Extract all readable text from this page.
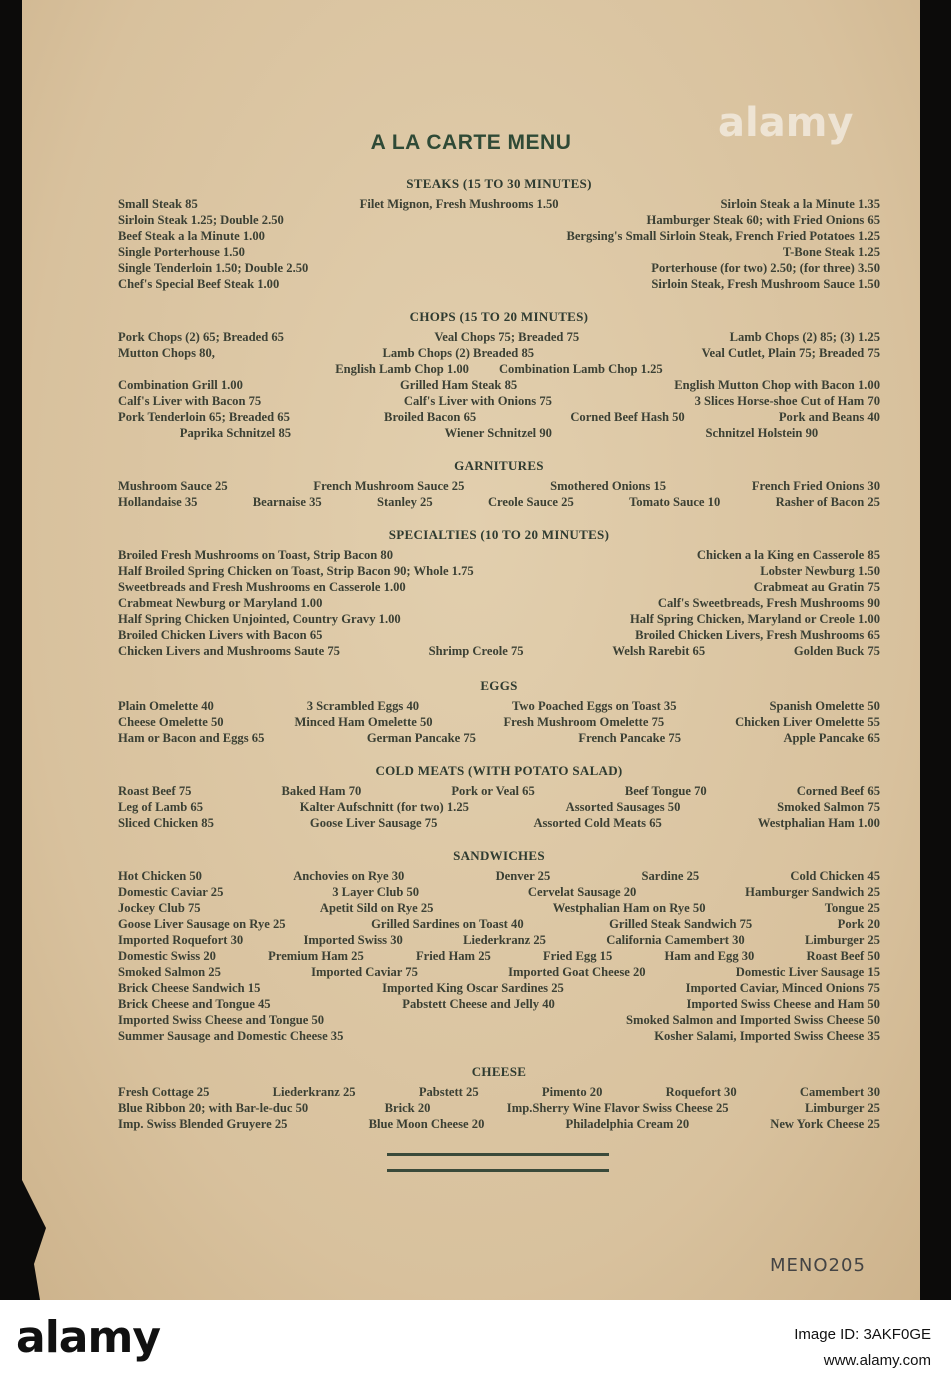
A LA CARTE MENU
STEAKS (15 TO 30 MINUTES)
Small Steak 85	Filet Mignon, Fresh Mushrooms 1.50	Sirloin Steak a la Minute 1.35
Sirloin Steak 1.25; Double 2.50	Hamburger Steak 60; with Fried Onions 65
Beef Steak a la Minute 1.00	Bergsing's Small Sirloin Steak, French Fried Potatoes 1.25
Single Porterhouse 1.50	T-Bone Steak 1.25
Single Tenderloin 1.50; Double 2.50	Porterhouse (for two) 2.50; (for three) 3.50
Chef's Special Beef Steak 1.00	Sirloin Steak, Fresh Mushroom Sauce 1.50
CHOPS (15 TO 20 MINUTES)
Pork Chops (2) 65; Breaded 65	Veal Chops 75; Breaded 75	Lamb Chops (2) 85; (3) 1.25
Mutton Chops 80,	Lamb Chops (2) Breaded 85	Veal Cutlet, Plain 75; Breaded 75
English Lamb Chop 1.00 Combination Lamb Chop 1.25
Combination Grill 1.00	Grilled Ham Steak 85	English Mutton Chop with Bacon 1.00
Calf's Liver with Bacon 75	Calf's Liver with Onions 75	3 Slices Horse-shoe Cut of Ham 70
Pork Tenderloin 65; Breaded 65	Broiled Bacon 65	Corned Beef Hash 50	Pork and Beans 40
Paprika Schnitzel 85	Wiener Schnitzel 90	Schnitzel Holstein 90
GARNITURES
Mushroom Sauce 25	French Mushroom Sauce 25	Smothered Onions 15	French Fried Onions 30
Hollandaise 35	Bearnaise 35	Stanley 25	Creole Sauce 25	Tomato Sauce 10	Rasher of Bacon 25
SPECIALTIES (10 TO 20 MINUTES)
Broiled Fresh Mushrooms on Toast, Strip Bacon 80	Chicken a la King en Casserole 85
Half Broiled Spring Chicken on Toast, Strip Bacon 90; Whole 1.75	Lobster Newburg 1.50
Sweetbreads and Fresh Mushrooms en Casserole 1.00	Crabmeat au Gratin 75
Crabmeat Newburg or Maryland 1.00	Calf's Sweetbreads, Fresh Mushrooms 90
Half Spring Chicken Unjointed, Country Gravy 1.00	Half Spring Chicken, Maryland or Creole 1.00
Broiled Chicken Livers with Bacon 65	Broiled Chicken Livers, Fresh Mushrooms 65
Chicken Livers and Mushrooms Saute 75	Shrimp Creole 75	Welsh Rarebit 65	Golden Buck 75
EGGS
Plain Omelette 40	3 Scrambled Eggs 40	Two Poached Eggs on Toast 35	Spanish Omelette 50
Cheese Omelette 50	Minced Ham Omelette 50	Fresh Mushroom Omelette 75	Chicken Liver Omelette 55
Ham or Bacon and Eggs 65	German Pancake 75	French Pancake 75	Apple Pancake 65
COLD MEATS (WITH POTATO SALAD)
Roast Beef 75	Baked Ham 70	Pork or Veal 65	Beef Tongue 70	Corned Beef 65
Leg of Lamb 65	Kalter Aufschnitt (for two) 1.25	Assorted Sausages 50	Smoked Salmon 75
Sliced Chicken 85	Goose Liver Sausage 75	Assorted Cold Meats 65	Westphalian Ham 1.00
SANDWICHES
Hot Chicken 50	Anchovies on Rye 30	Denver 25	Sardine 25	Cold Chicken 45
Domestic Caviar 25	3 Layer Club 50	Cervelat Sausage 20	Hamburger Sandwich 25
Jockey Club 75	Apetit Sild on Rye 25	Westphalian Ham on Rye 50	Tongue 25
Goose Liver Sausage on Rye 25	Grilled Sardines on Toast 40	Grilled Steak Sandwich 75	Pork 20
Imported Roquefort 30	Imported Swiss 30	Liederkranz 25	California Camembert 30	Limburger 25
Domestic Swiss 20	Premium Ham 25	Fried Ham 25	Fried Egg 15	Ham and Egg 30	Roast Beef 50
Smoked Salmon 25	Imported Caviar 75	Imported Goat Cheese 20	Domestic Liver Sausage 15
Brick Cheese Sandwich 15	Imported King Oscar Sardines 25	Imported Caviar, Minced Onions 75
Brick Cheese and Tongue 45	Pabstett Cheese and Jelly 40	Imported Swiss Cheese and Ham 50
Imported Swiss Cheese and Tongue 50	Smoked Salmon and Imported Swiss Cheese 50
Summer Sausage and Domestic Cheese 35	Kosher Salami, Imported Swiss Cheese 35
CHEESE
Fresh Cottage 25	Liederkranz 25	Pabstett 25	Pimento 20	Roquefort 30	Camembert 30
Blue Ribbon 20; with Bar-le-duc 50	Brick 20	Imp.Sherry Wine Flavor Swiss Cheese 25	Limburger 25
Imp. Swiss Blended Gruyere 25	Blue Moon Cheese 20	Philadelphia Cream 20	New York Cheese 25
MENO205
alamy
alamy	Image ID: 3AKF0GE
www.alamy.com
